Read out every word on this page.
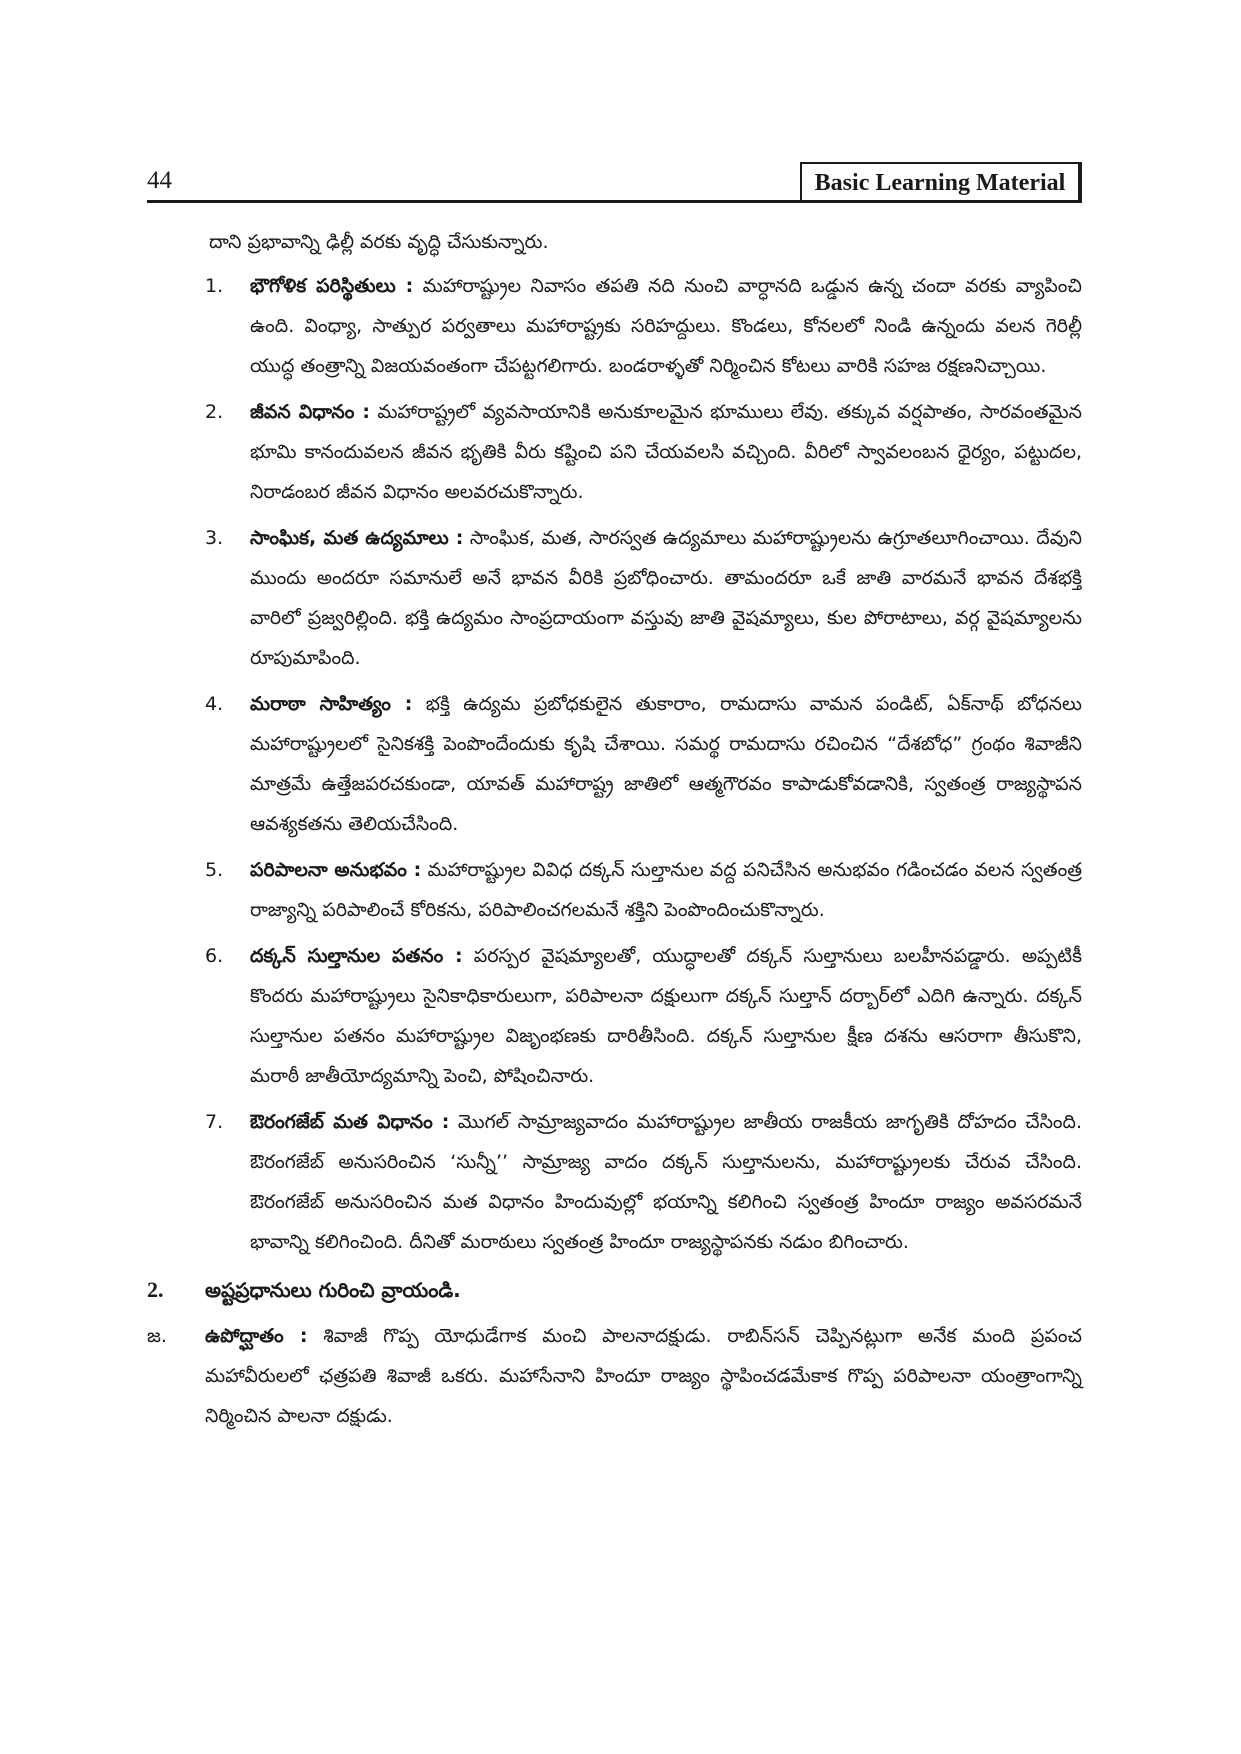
44	Basic Learning Material

దాని ప్రభావాన్ని ఢిల్లీ వరకు వృద్ధి చేసుకున్నారు.

1. భౌగోళిక పరిస్థితులు : మహారాష్ట్రుల నివాసం తపతి నది నుంచి వార్ధానది ఒడ్డున ఉన్న చందా వరకు వ్యాపించి ఉంది. వింధ్యా, సాత్పుర పర్వతాలు మహారాష్ట్రకు సరిహద్దులు. కొండలు, కోనలలో నిండి ఉన్నందు వలన గెరిల్లీ యుద్ధ తంత్రాన్ని విజయవంతంగా చేపట్టగలిగారు. బండరాళ్ళతో నిర్మించిన కోటలు వారికి సహజ రక్షణనిచ్చాయి.

2. జీవన విధానం : మహారాష్ట్రలో వ్యవసాయానికి అనుకూలమైన భూములు లేవు. తక్కువ వర్షపాతం, సారవంతమైన భూమి కానందువలన జీవన భృతికి వీరు కష్టించి పని చేయవలసి వచ్చింది. వీరిలో స్వావలంబన ధైర్యం, పట్టుదల, నిరాడంబర జీవన విధానం అలవరచుకొన్నారు.

3. సాంఘిక, మత ఉద్యమాలు : సాంఘిక, మత, సారస్వత ఉద్యమాలు మహారాష్ట్రులను ఉగ్రూతలూగించాయి. దేవుని ముందు అందరూ సమానులే అనే భావన వీరికి ప్రబోధించారు. తామందరూ ఒకే జాతి వారమనే భావన దేశభక్తి వారిలో ప్రజ్వరిల్లింది. భక్తి ఉద్యమం సాంప్రదాయంగా వస్తువు జాతి వైషమ్యాలు, కుల పోరాటాలు, వర్గ వైషమ్యాలను రూపుమాపింది.

4. మరాఠా సాహిత్యం : భక్తి ఉద్యమ ప్రబోధకులైన తుకారాం, రామదాసు వామన పండిట్, ఏక్‌నాథ్ బోధనలు మహారాష్ట్రులలో సైనికశక్తి పెంపొందేందుకు కృషి చేశాయి. సమర్థ రామదాసు రచించిన “దేశబోధ” గ్రంథం శివాజీని మాత్రమే ఉత్తేజపరచకుండా, యావత్ మహారాష్ట్ర జాతిలో ఆత్మగౌరవం కాపాడుకోవడానికి, స్వతంత్ర రాజ్యస్థాపన ఆవశ్యకతను తెలియచేసింది.

5. పరిపాలనా అనుభవం : మహారాష్ట్రుల వివిధ దక్కన్ సుల్తానుల వద్ద పనిచేసిన అనుభవం గడించడం వలన స్వతంత్ర రాజ్యాన్ని పరిపాలించే కోరికను, పరిపాలించగలమనే శక్తిని పెంపొందించుకొన్నారు.

6. దక్కన్ సుల్తానుల పతనం : పరస్పర వైషమ్యాలతో, యుద్ధాలతో దక్కన్ సుల్తానులు బలహీనపడ్డారు. అప్పటికీ కొందరు మహారాష్ట్రులు సైనికాధికారులుగా, పరిపాలనా దక్షులుగా దక్కన్ సుల్తాన్ దర్బార్‌లో ఎదిగి ఉన్నారు. దక్కన్ సుల్తానుల పతనం మహారాష్ట్రుల విజృంభణకు దారితీసింది. దక్కన్ సుల్తానుల క్షీణ దశను ఆసరాగా తీసుకొని, మరాఠీ జాతీయోద్యమాన్ని పెంచి, పోషించినారు.

7. ఔరంగజేబ్ మత విధానం : మొగల్ సామ్రాజ్యవాదం మహారాష్ట్రుల జాతీయ రాజకీయ జాగృతికి దోహదం చేసింది. ఔరంగజేబ్ అనుసరించిన ‘సున్నీ’’ సామ్రాజ్య వాదం దక్కన్ సుల్తానులను, మహారాష్ట్రులకు చేరువ చేసింది. ఔరంగజేబ్ అనుసరించిన మత విధానం హిందువుల్లో భయాన్ని కలిగించి స్వతంత్ర హిందూ రాజ్యం అవసరమనే భావాన్ని కలిగించింది. దీనితో మరాఠులు స్వతంత్ర హిందూ రాజ్యస్థాపనకు నడుం బిగించారు.

2. అష్టప్రధానులు గురించి వ్రాయండి.

జ. ఉపోద్ఘాతం : శివాజీ గొప్ప యోధుడేగాక మంచి పాలనాదక్షుడు. రాబిన్‌సన్ చెప్పినట్లుగా అనేక మంది ప్రపంచ మహావీరులలో ఛత్రపతి శివాజీ ఒకరు. మహాసేనాని హిందూ రాజ్యం స్థాపించడమేకాక గొప్ప పరిపాలనా యంత్రాంగాన్ని నిర్మించిన పాలనా దక్షుడు.
